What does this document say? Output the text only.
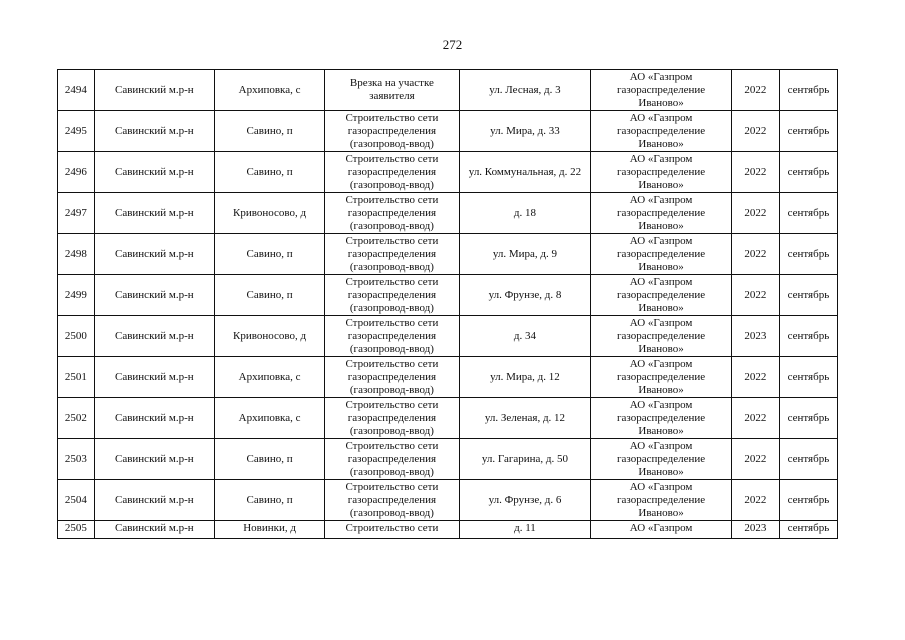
272
2494	Савинский м.р-н	Архиповка, с	Врезка на участке заявителя	ул. Лесная, д. 3	АО «Газпром газораспределение Иваново»	2022	сентябрь
2495	Савинский м.р-н	Савино, п	Строительство сети газораспределения (газопровод-ввод)	ул. Мира, д. 33	АО «Газпром газораспределение Иваново»	2022	сентябрь
2496	Савинский м.р-н	Савино, п	Строительство сети газораспределения (газопровод-ввод)	ул. Коммунальная, д. 22	АО «Газпром газораспределение Иваново»	2022	сентябрь
2497	Савинский м.р-н	Кривоносово, д	Строительство сети газораспределения (газопровод-ввод)	д. 18	АО «Газпром газораспределение Иваново»	2022	сентябрь
2498	Савинский м.р-н	Савино, п	Строительство сети газораспределения (газопровод-ввод)	ул. Мира, д. 9	АО «Газпром газораспределение Иваново»	2022	сентябрь
2499	Савинский м.р-н	Савино, п	Строительство сети газораспределения (газопровод-ввод)	ул. Фрунзе, д. 8	АО «Газпром газораспределение Иваново»	2022	сентябрь
2500	Савинский м.р-н	Кривоносово, д	Строительство сети газораспределения (газопровод-ввод)	д. 34	АО «Газпром газораспределение Иваново»	2023	сентябрь
2501	Савинский м.р-н	Архиповка, с	Строительство сети газораспределения (газопровод-ввод)	ул. Мира, д. 12	АО «Газпром газораспределение Иваново»	2022	сентябрь
2502	Савинский м.р-н	Архиповка, с	Строительство сети газораспределения (газопровод-ввод)	ул. Зеленая, д. 12	АО «Газпром газораспределение Иваново»	2022	сентябрь
2503	Савинский м.р-н	Савино, п	Строительство сети газораспределения (газопровод-ввод)	ул. Гагарина, д. 50	АО «Газпром газораспределение Иваново»	2022	сентябрь
2504	Савинский м.р-н	Савино, п	Строительство сети газораспределения (газопровод-ввод)	ул. Фрунзе, д. 6	АО «Газпром газораспределение Иваново»	2022	сентябрь
2505	Савинский м.р-н	Новинки, д	Строительство сети	д. 11	АО «Газпром	2023	сентябрь
